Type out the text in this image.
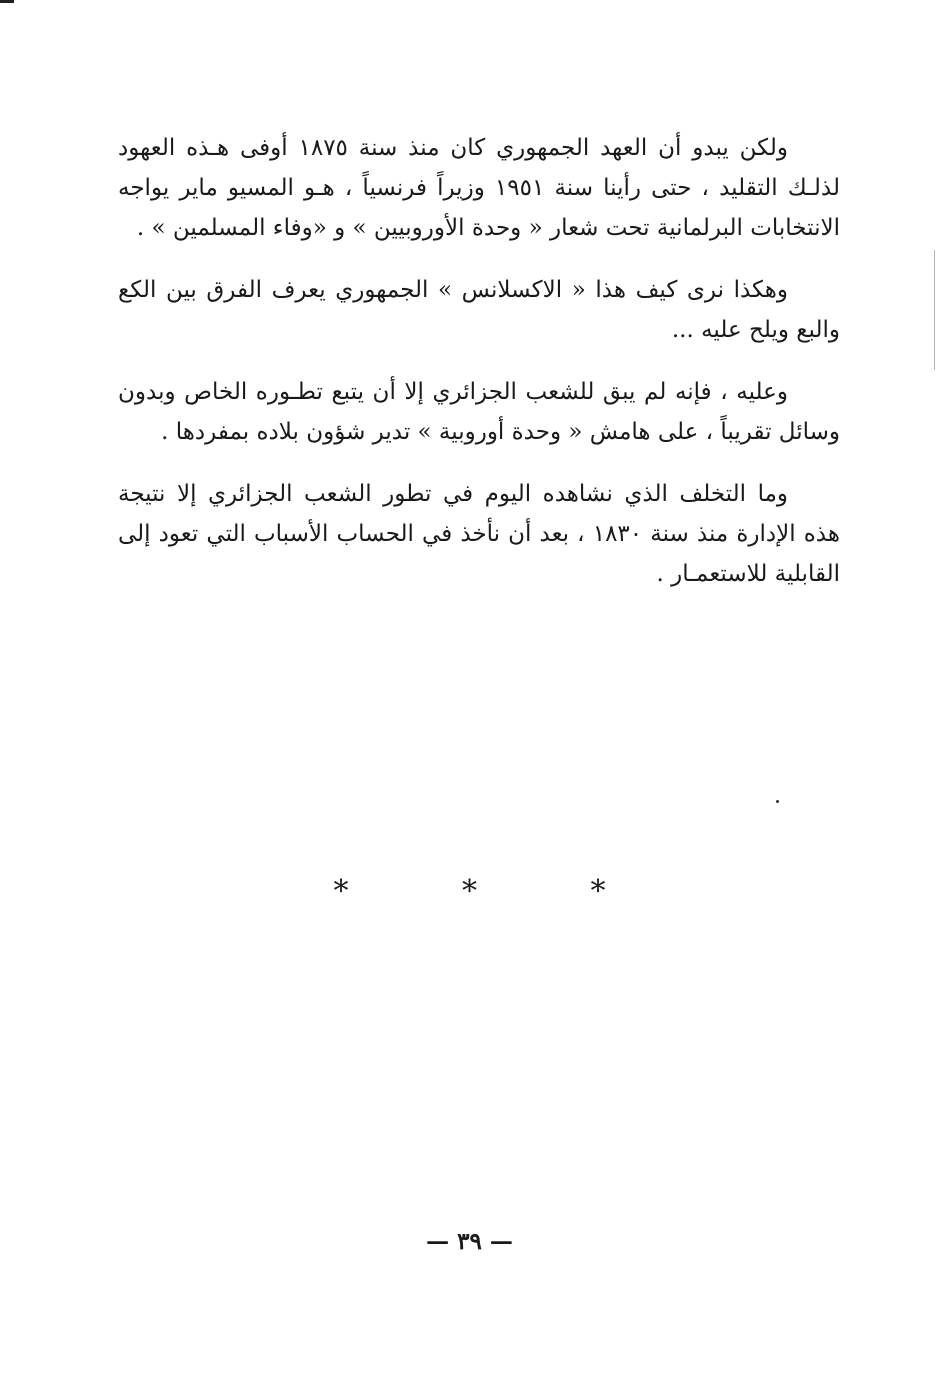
ولكن يبدو أن العهد الجمهوري كان منذ سنة ١٨٧٥ أوفى هـذه العهود لذلـك التقليد ، حتى رأينا سنة ١٩٥١ وزيراً فرنسياً ، هـو المسيو ماير يواجه الانتخابات البرلمانية تحت شعار « وحدة الأوروبيين » و «وفاء المسلمين » .

وهكذا نرى كيف هذا « الاكسلانس » الجمهوري يعرف الفرق بين الكع والبع ويلح عليه ...

وعليه ، فإنه لم يبق للشعب الجزائري إلا أن يتبع تطـوره الخاص وبدون وسائل تقريباً ، على هامش « وحدة أوروبية » تدير شؤون بلاده بمفردها .

وما التخلف الذي نشاهده اليوم في تطور الشعب الجزائري إلا نتيجة هذه الإدارة منذ سنة ١٨٣٠ ، بعد أن نأخذ في الحساب الأسباب التي تعود إلى القابلية للاستعمـار .

* * *
— ٣٩ —
